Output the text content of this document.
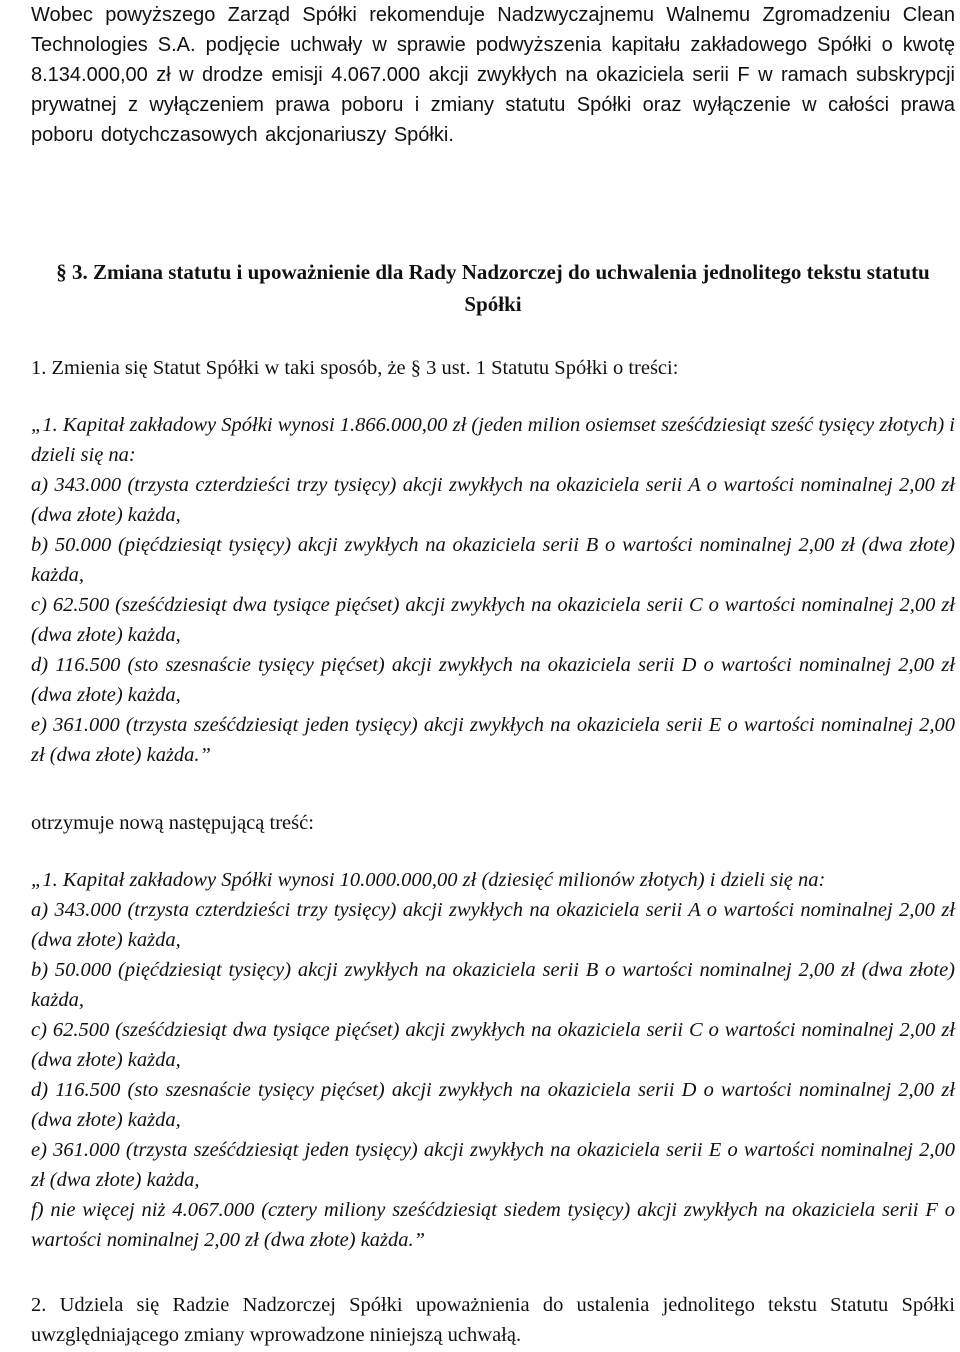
Wobec powyższego Zarząd Spółki rekomenduje Nadzwyczajnemu Walnemu Zgromadzeniu Clean Technologies S.A. podjęcie uchwały w sprawie podwyższenia kapitału zakładowego Spółki o kwotę 8.134.000,00 zł w drodze emisji 4.067.000 akcji zwykłych na okaziciela serii F w ramach subskrypcji prywatnej z wyłączeniem prawa poboru i zmiany statutu Spółki oraz wyłączenie w całości prawa poboru dotychczasowych akcjonariuszy Spółki.
§ 3. Zmiana statutu i upoważnienie dla Rady Nadzorczej do uchwalenia jednolitego tekstu statutu Spółki
1. Zmienia się Statut Spółki w taki sposób, że § 3 ust. 1 Statutu Spółki o treści:
„1. Kapitał zakładowy Spółki wynosi 1.866.000,00 zł (jeden milion osiemset sześćdziesiąt sześć tysięcy złotych) i dzieli się na:
a) 343.000 (trzysta czterdzieści trzy tysięcy) akcji zwykłych na okaziciela serii A o wartości nominalnej 2,00 zł (dwa złote) każda,
b) 50.000 (pięćdziesiąt tysięcy) akcji zwykłych na okaziciela serii B o wartości nominalnej 2,00 zł (dwa złote) każda,
c) 62.500 (sześćdziesiąt dwa tysiące pięćset) akcji zwykłych na okaziciela serii C o wartości nominalnej 2,00 zł (dwa złote) każda,
d) 116.500 (sto szesnaście tysięcy pięćset) akcji zwykłych na okaziciela serii D o wartości nominalnej 2,00 zł (dwa złote) każda,
e) 361.000 (trzysta sześćdziesiąt jeden tysięcy) akcji zwykłych na okaziciela serii E o wartości nominalnej 2,00 zł (dwa złote) każda.”
otrzymuje nową następującą treść:
„1. Kapitał zakładowy Spółki wynosi 10.000.000,00 zł (dziesięć milionów złotych) i dzieli się na:
a) 343.000 (trzysta czterdzieści trzy tysięcy) akcji zwykłych na okaziciela serii A o wartości nominalnej 2,00 zł (dwa złote) każda,
b) 50.000 (pięćdziesiąt tysięcy) akcji zwykłych na okaziciela serii B o wartości nominalnej 2,00 zł (dwa złote) każda,
c) 62.500 (sześćdziesiąt dwa tysiące pięćset) akcji zwykłych na okaziciela serii C o wartości nominalnej 2,00 zł (dwa złote) każda,
d) 116.500 (sto szesnaście tysięcy pięćset) akcji zwykłych na okaziciela serii D o wartości nominalnej 2,00 zł (dwa złote) każda,
e) 361.000 (trzysta sześćdziesiąt jeden tysięcy) akcji zwykłych na okaziciela serii E o wartości nominalnej 2,00 zł (dwa złote) każda,
f) nie więcej niż 4.067.000 (cztery miliony sześćdziesiąt siedem tysięcy) akcji zwykłych na okaziciela serii F o wartości nominalnej 2,00 zł (dwa złote) każda.”
2. Udziela się Radzie Nadzorczej Spółki upoważnienia do ustalenia jednolitego tekstu Statutu Spółki uwzględniającego zmiany wprowadzone niniejszą uchwałą.
